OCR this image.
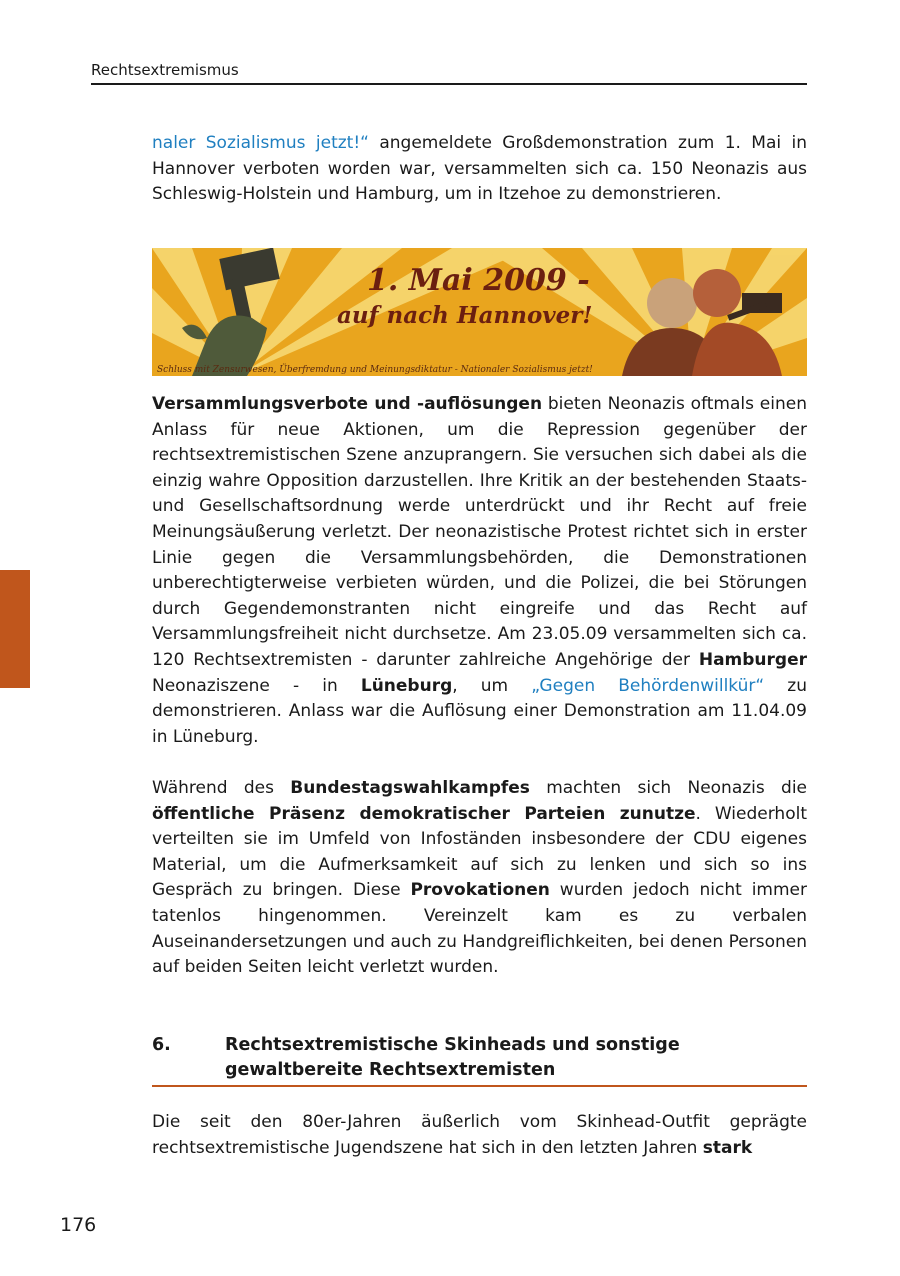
Rechtsextremismus
naler Sozialismus jetzt!“ angemeldete Großdemonstration zum 1. Mai in Hannover verboten worden war, versammelten sich ca. 150 Neonazis aus Schleswig-Holstein und Hamburg, um in Itzehoe zu demonstrieren.
1. Mai 2009 -
auf nach Hannover!
Schluss mit Zensurwesen, Überfremdung und Meinungsdiktatur - Nationaler Sozialismus jetzt!
Versammlungsverbote und -auflösungen bieten Neonazis oftmals einen Anlass für neue Aktionen, um die Repression gegenüber der rechtsextremistischen Szene anzuprangern. Sie versuchen sich dabei als die einzig wahre Opposition darzustellen. Ihre Kritik an der bestehenden Staats- und Gesellschaftsordnung werde unterdrückt und ihr Recht auf freie Meinungsäußerung verletzt. Der neonazistische Protest richtet sich in erster Linie gegen die Versammlungsbehörden, die Demonstrationen unberechtigterweise verbieten würden, und die Polizei, die bei Störungen durch Gegendemonstranten nicht eingreife und das Recht auf Versammlungsfreiheit nicht durchsetze. Am 23.05.09 versammelten sich ca. 120 Rechtsextremisten - darunter zahlreiche Angehörige der Hamburger Neonaziszene - in Lüneburg, um „Gegen Behördenwillkür“ zu demonstrieren. Anlass war die Auflösung einer Demonstration am 11.04.09 in Lüneburg.
Während des Bundestagswahlkampfes machten sich Neonazis die öffentliche Präsenz demokratischer Parteien zunutze. Wiederholt verteilten sie im Umfeld von Infoständen insbesondere der CDU eigenes Material, um die Aufmerksamkeit auf sich zu lenken und sich so ins Gespräch zu bringen. Diese Provokationen wurden jedoch nicht immer tatenlos hingenommen. Vereinzelt kam es zu verbalen Auseinandersetzungen und auch zu Handgreiflichkeiten, bei denen Personen auf beiden Seiten leicht verletzt wurden.
6.	Rechtsextremistische Skinheads und sonstige
gewaltbereite Rechtsextremisten
Die seit den 80er-Jahren äußerlich vom Skinhead-Outfit geprägte rechtsextremistische Jugendszene hat sich in den letzten Jahren stark
176
